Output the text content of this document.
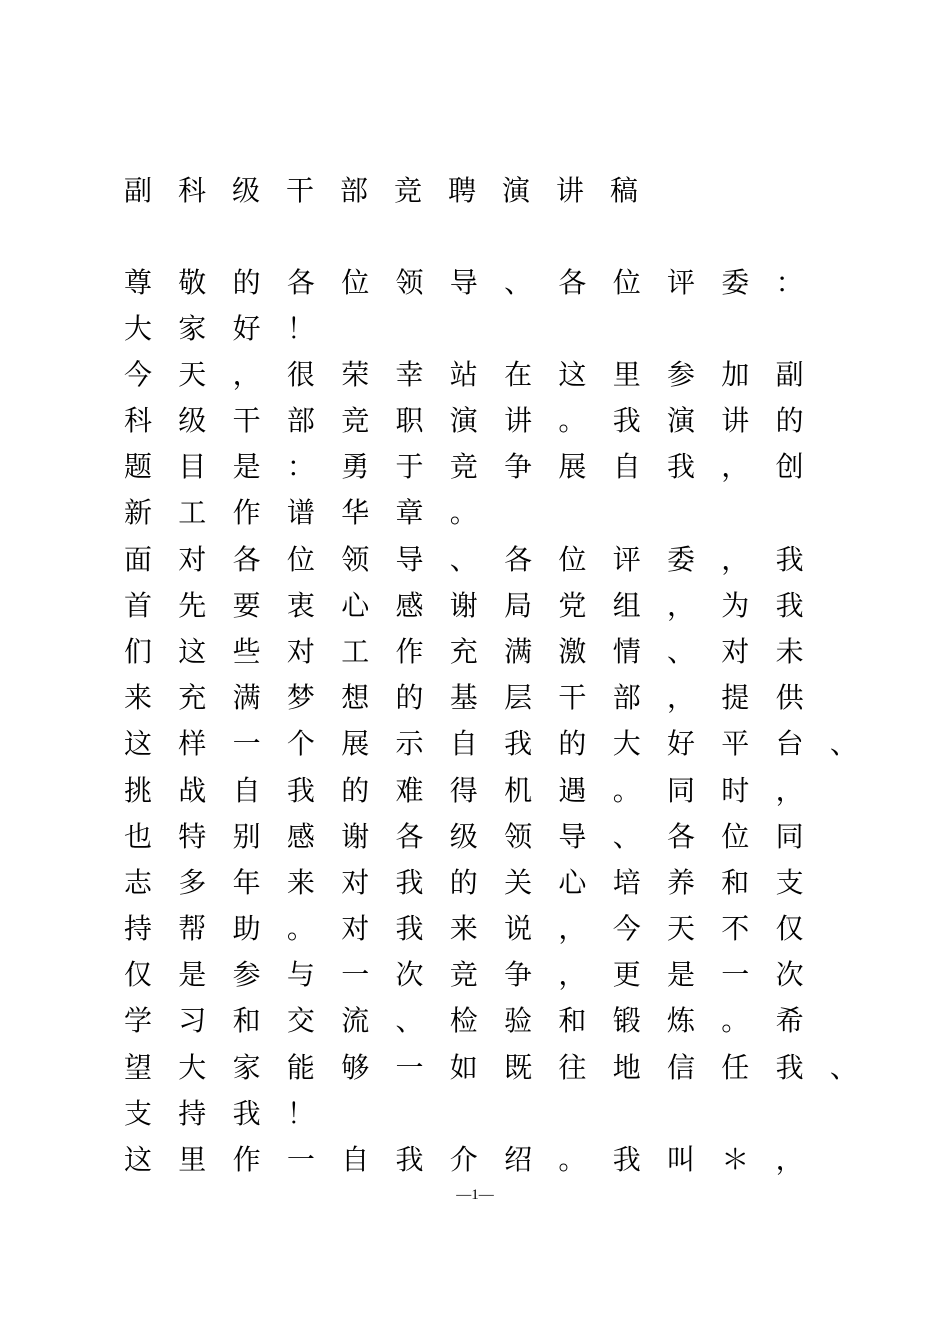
副科级干部竞聘演讲稿
尊敬的各位领导、各位评委：
大家好！
今天，很荣幸站在这里参加副
科级干部竞职演讲。我演讲的
题目是：勇于竞争展自我，创
新工作谱华章。
面对各位领导、各位评委，我
首先要衷心感谢局党组，为我
们这些对工作充满激情、对未
来充满梦想的基层干部，提供
这样一个展示自我的大好平台、
挑战自我的难得机遇。同时，
也特别感谢各级领导、各位同
志多年来对我的关心培养和支
持帮助。对我来说，今天不仅
仅是参与一次竞争，更是一次
学习和交流、检验和锻炼。希
望大家能够一如既往地信任我、
支持我！
这里作一自我介绍。我叫＊，
—1—
